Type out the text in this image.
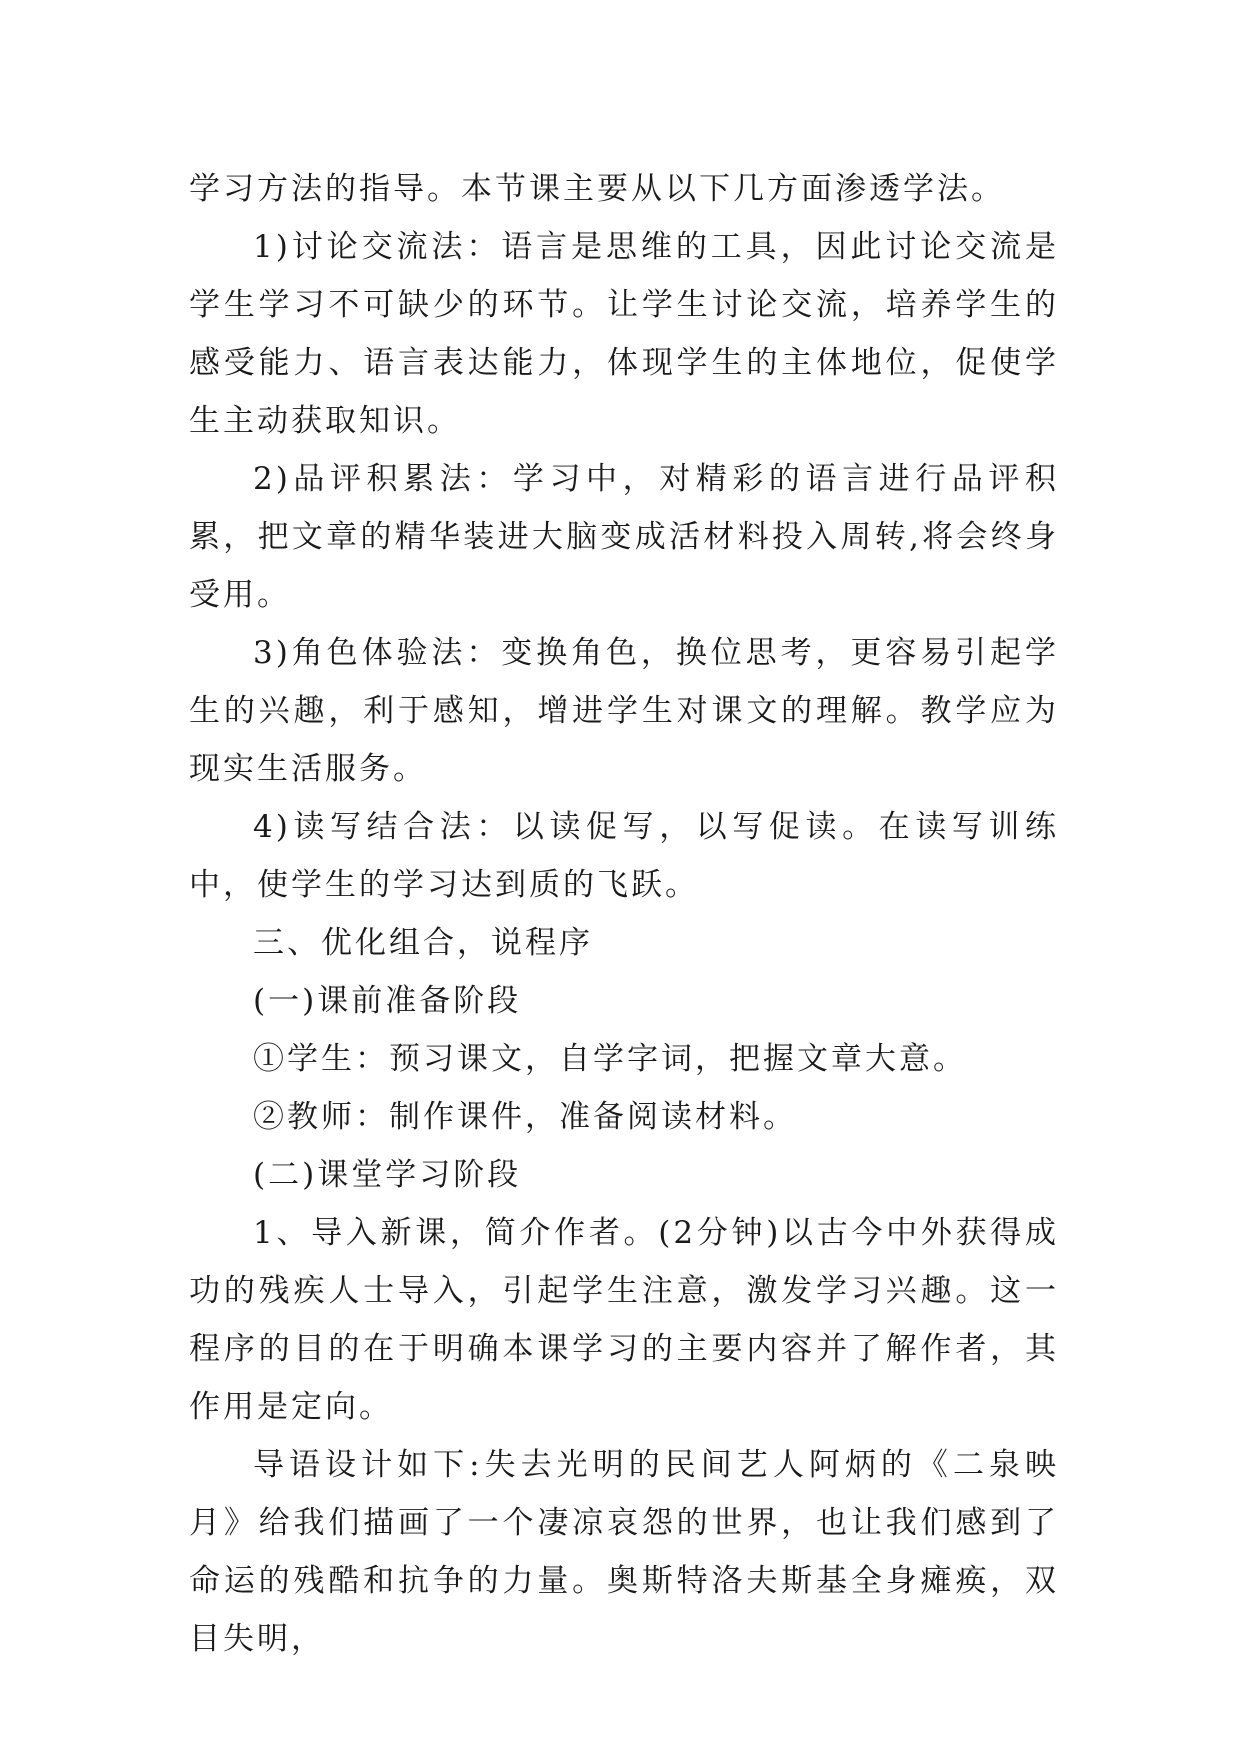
学习方法的指导。本节课主要从以下几方面渗透学法。

1)讨论交流法：语言是思维的工具，因此讨论交流是学生学习不可缺少的环节。让学生讨论交流，培养学生的感受能力、语言表达能力，体现学生的主体地位，促使学生主动获取知识。

2)品评积累法：学习中，对精彩的语言进行品评积累，把文章的精华装进大脑变成活材料投入周转,将会终身受用。

3)角色体验法：变换角色，换位思考，更容易引起学生的兴趣，利于感知，增进学生对课文的理解。教学应为现实生活服务。

4)读写结合法：以读促写，以写促读。在读写训练中，使学生的学习达到质的飞跃。

三、优化组合，说程序

(一)课前准备阶段

①学生：预习课文，自学字词，把握文章大意。

②教师：制作课件，准备阅读材料。

(二)课堂学习阶段

1、导入新课，简介作者。(2分钟)以古今中外获得成功的残疾人士导入，引起学生注意，激发学习兴趣。这一程序的目的在于明确本课学习的主要内容并了解作者，其作用是定向。

导语设计如下:失去光明的民间艺人阿炳的《二泉映月》给我们描画了一个凄凉哀怨的世界，也让我们感到了命运的残酷和抗争的力量。奥斯特洛夫斯基全身瘫痪，双目失明，
